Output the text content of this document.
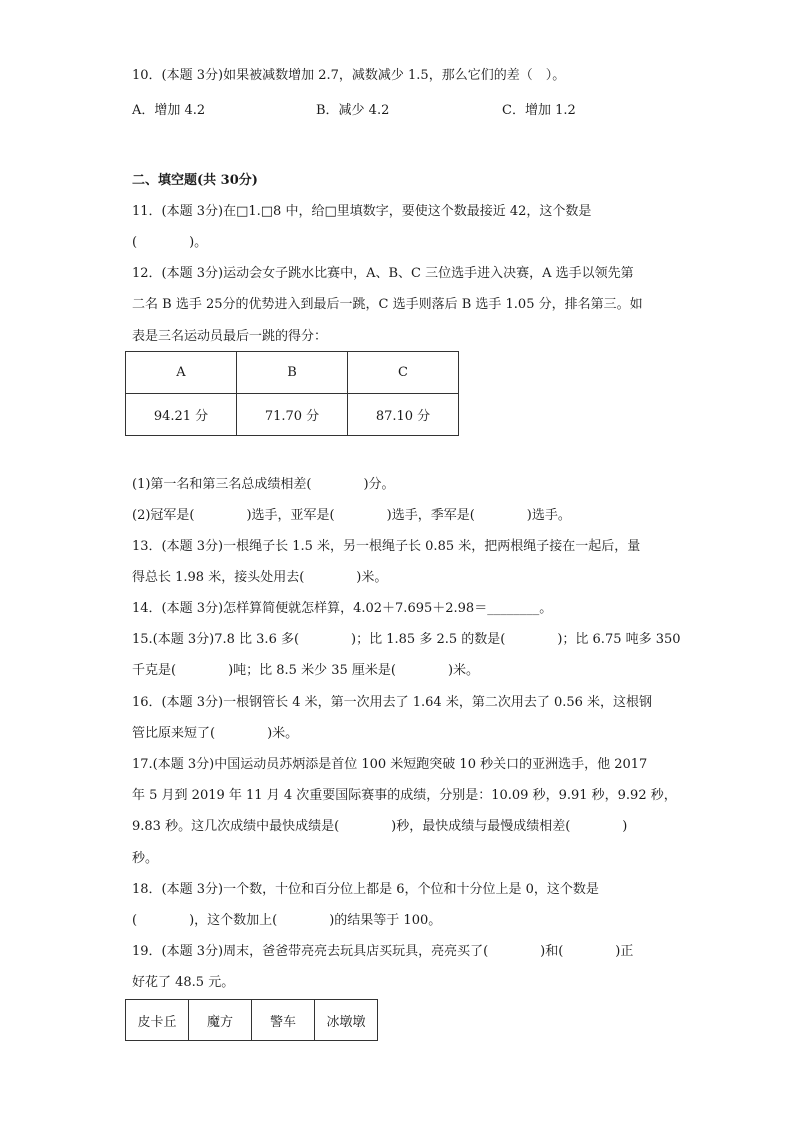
10．(本题 3分)如果被减数增加 2.7，减数减少 1.5，那么它们的差（　）。
A．增加 4.2	B．减少 4.2	C．增加 1.2
二、填空题(共 30分)
11．(本题 3分)在□1.□8 中，给□里填数字，要使这个数最接近 42，这个数是
(　　　　)。
12．(本题 3分)运动会女子跳水比赛中，A、B、C 三位选手进入决赛，A 选手以领先第
二名 B 选手 25分的优势进入到最后一跳，C 选手则落后 B 选手 1.05 分，排名第三。如
表是三名运动员最后一跳的得分：
A	B	C
94.21 分	71.70 分	87.10 分
(1)第一名和第三名总成绩相差(　　　　)分。
(2)冠军是(　　　　)选手，亚军是(　　　　)选手，季军是(　　　　)选手。
13．(本题 3分)一根绳子长 1.5 米，另一根绳子长 0.85 米，把两根绳子接在一起后，量
得总长 1.98 米，接头处用去(　　　　)米。
14．(本题 3分)怎样算简便就怎样算，4.02＋7.695＋2.98＝________。
15.(本题 3分)7.8 比 3.6 多(　　　　)；比 1.85 多 2.5 的数是(　　　　)；比 6.75 吨多 350
千克是(　　　　)吨；比 8.5 米少 35 厘米是(　　　　)米。
16．(本题 3分)一根钢管长 4 米，第一次用去了 1.64 米，第二次用去了 0.56 米，这根钢
管比原来短了(　　　　)米。
17.(本题 3分)中国运动员苏炳添是首位 100 米短跑突破 10 秒关口的亚洲选手，他 2017
年 5 月到 2019 年 11 月 4 次重要国际赛事的成绩，分别是：10.09 秒，9.91 秒，9.92 秒，
9.83 秒。这几次成绩中最快成绩是(　　　　)秒，最快成绩与最慢成绩相差(　　　　)
秒。
18．(本题 3分)一个数，十位和百分位上都是 6，个位和十分位上是 0，这个数是
(　　　　)，这个数加上(　　　　)的结果等于 100。
19．(本题 3分)周末，爸爸带亮亮去玩具店买玩具，亮亮买了(　　　　)和(　　　　)正
好花了 48.5 元。
皮卡丘	魔方	警车	冰墩墩
